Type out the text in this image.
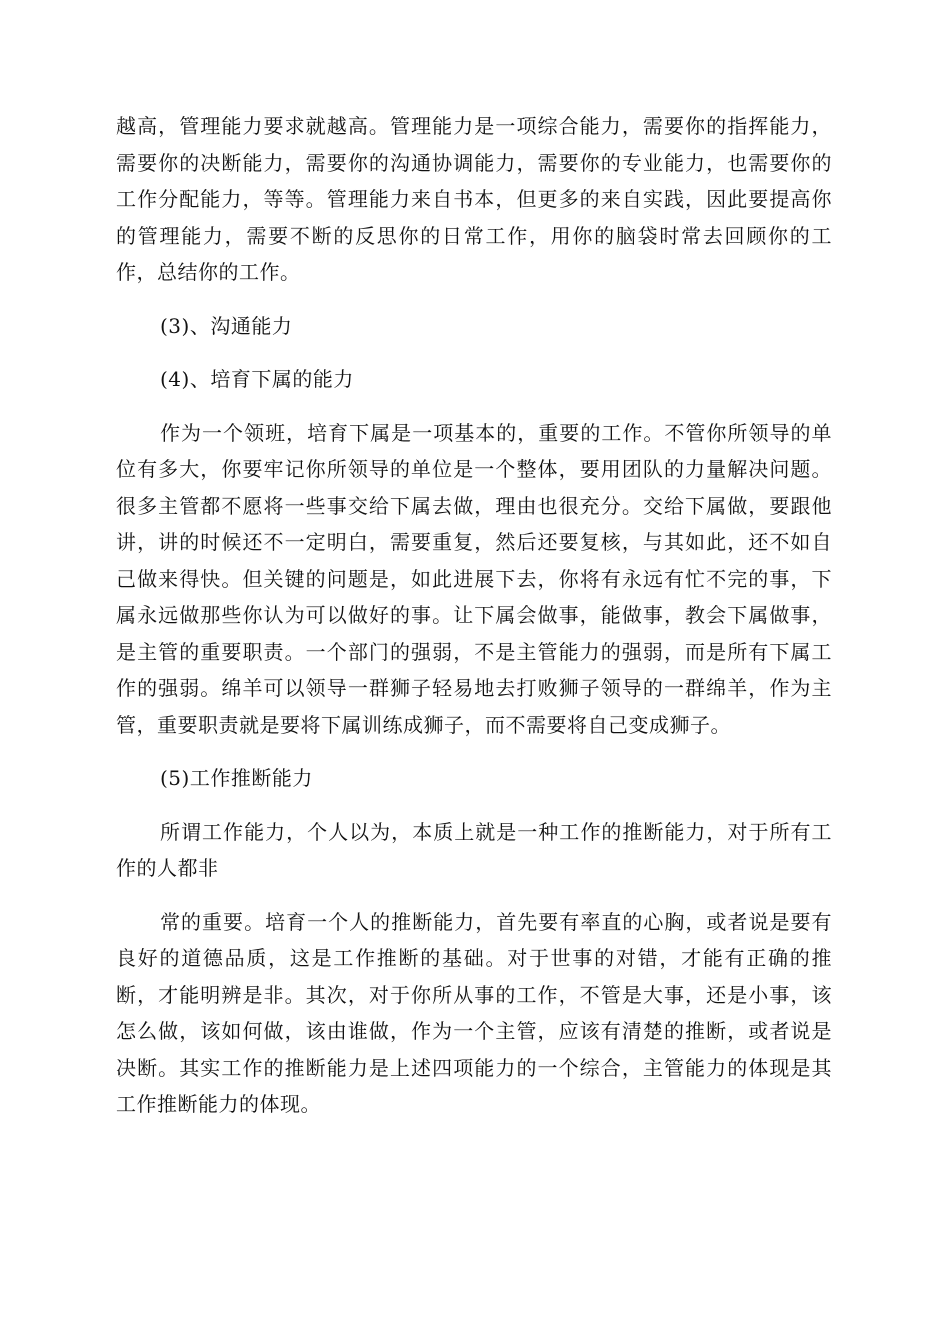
越高，管理能力要求就越高。管理能力是一项综合能力，需要你的指挥能力，需要你的决断能力，需要你的沟通协调能力，需要你的专业能力，也需要你的工作分配能力，等等。管理能力来自书本，但更多的来自实践，因此要提高你的管理能力，需要不断的反思你的日常工作，用你的脑袋时常去回顾你的工作，总结你的工作。

(3)、沟通能力

(4)、培育下属的能力

作为一个领班，培育下属是一项基本的，重要的工作。不管你所领导的单位有多大，你要牢记你所领导的单位是一个整体，要用团队的力量解决问题。很多主管都不愿将一些事交给下属去做，理由也很充分。交给下属做，要跟他讲，讲的时候还不一定明白，需要重复，然后还要复核，与其如此，还不如自己做来得快。但关键的问题是，如此进展下去，你将有永远有忙不完的事，下属永远做那些你认为可以做好的事。让下属会做事，能做事，教会下属做事，是主管的重要职责。一个部门的强弱，不是主管能力的强弱，而是所有下属工作的强弱。绵羊可以领导一群狮子轻易地去打败狮子领导的一群绵羊，作为主管，重要职责就是要将下属训练成狮子，而不需要将自己变成狮子。

(5)工作推断能力

所谓工作能力，个人以为，本质上就是一种工作的推断能力，对于所有工作的人都非

常的重要。培育一个人的推断能力，首先要有率直的心胸，或者说是要有良好的道德品质，这是工作推断的基础。对于世事的对错，才能有正确的推断，才能明辨是非。其次，对于你所从事的工作，不管是大事，还是小事，该怎么做，该如何做，该由谁做，作为一个主管，应该有清楚的推断，或者说是决断。其实工作的推断能力是上述四项能力的一个综合，主管能力的体现是其工作推断能力的体现。
